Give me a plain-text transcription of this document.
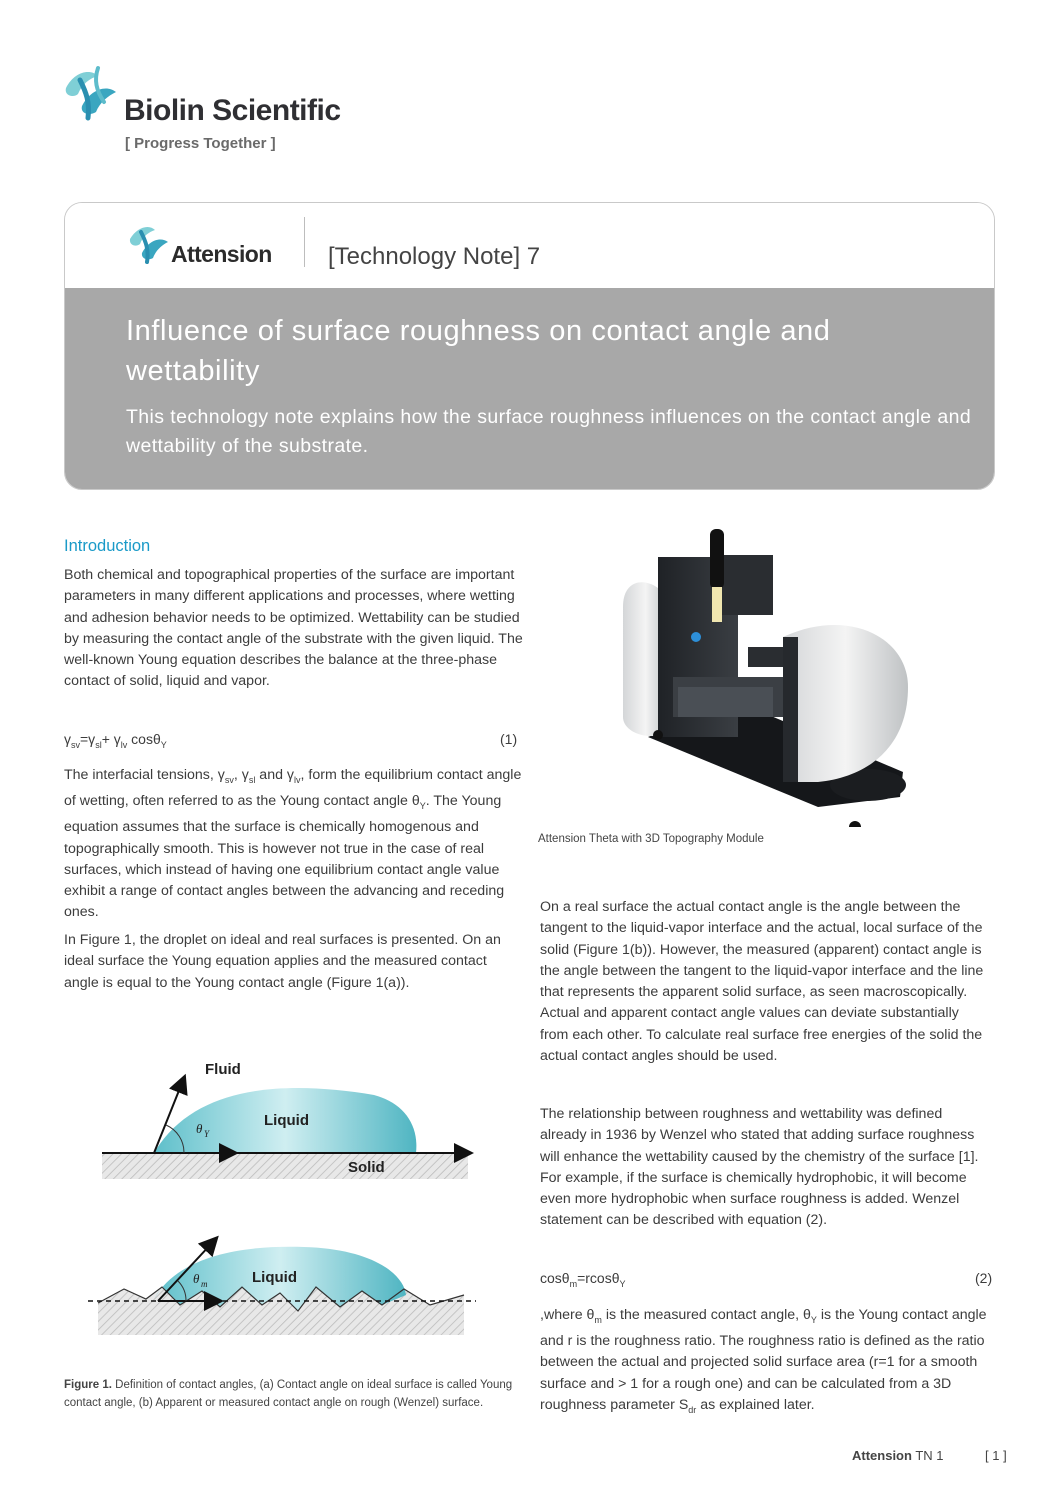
Biolin Scientific
[ Progress Together ]
Attension [Technology Note] 7
Influence of surface roughness on contact angle and wettability
This technology note explains how the surface roughness influences on the contact angle and wettability of the substrate.
Introduction
Both chemical and topographical properties of the surface are important parameters in many different applications and processes, where wetting and adhesion behavior needs to be optimized. Wettability can be studied by measuring the contact angle of the substrate with the given liquid. The well-known Young equation describes the balance at the three-phase contact of solid, liquid and vapor.
$\gamma_{sv}=\gamma_{sl}+ \gamma_{lv}$ cosθ$_Y$	(1)
The interfacial tensions, $\gamma_{sv}$, $\gamma_{sl}$ and $\gamma_{lv}$, form the equilibrium contact angle of wetting, often referred to as the Young contact angle $\theta_Y$. The Young equation assumes that the surface is chemically homogenous and topographically smooth. This is however not true in the case of real surfaces, which instead of having one equilibrium contact angle value exhibit a range of contact angles between the advancing and receding ones.
In Figure 1, the droplet on ideal and real surfaces is presented. On an ideal surface the Young equation applies and the measured contact angle is equal to the Young contact angle (Figure 1(a)).
Attension Theta with 3D Topography Module
On a real surface the actual contact angle is the angle between the tangent to the liquid-vapor interface and the actual, local surface of the solid (Figure 1(b)). However, the measured (apparent) contact angle is the angle between the tangent to the liquid-vapor interface and the line that represents the apparent solid surface, as seen macroscopically. Actual and apparent contact angle values can deviate substantially from each other. To calculate real surface free energies of the solid the actual contact angles should be used.
The relationship between roughness and wettability was defined already in 1936 by Wenzel who stated that adding surface roughness will enhance the wettability caused by the chemistry of the surface [1]. For example, if the surface is chemically hydrophobic, it will become even more hydrophobic when surface roughness is added. Wenzel statement can be described with equation (2).
cosθ$_m$=rcosθ$_Y$	(2)
,where $\theta_m$ is the measured contact angle, $\theta_Y$ is the Young contact angle and r is the roughness ratio. The roughness ratio is defined as the ratio between the actual and projected solid surface area (r=1 for a smooth surface and > 1 for a rough one) and can be calculated from a 3D roughness parameter $S_{dr}$ as explained later.
Fluid
Liquid
Solid
θ Y
Liquid
θ m
Figure 1. Definition of contact angles, (a) Contact angle on ideal surface is called Young contact angle, (b) Apparent or measured contact angle on rough (Wenzel) surface.
Attension TN 1	[ 1 ]
